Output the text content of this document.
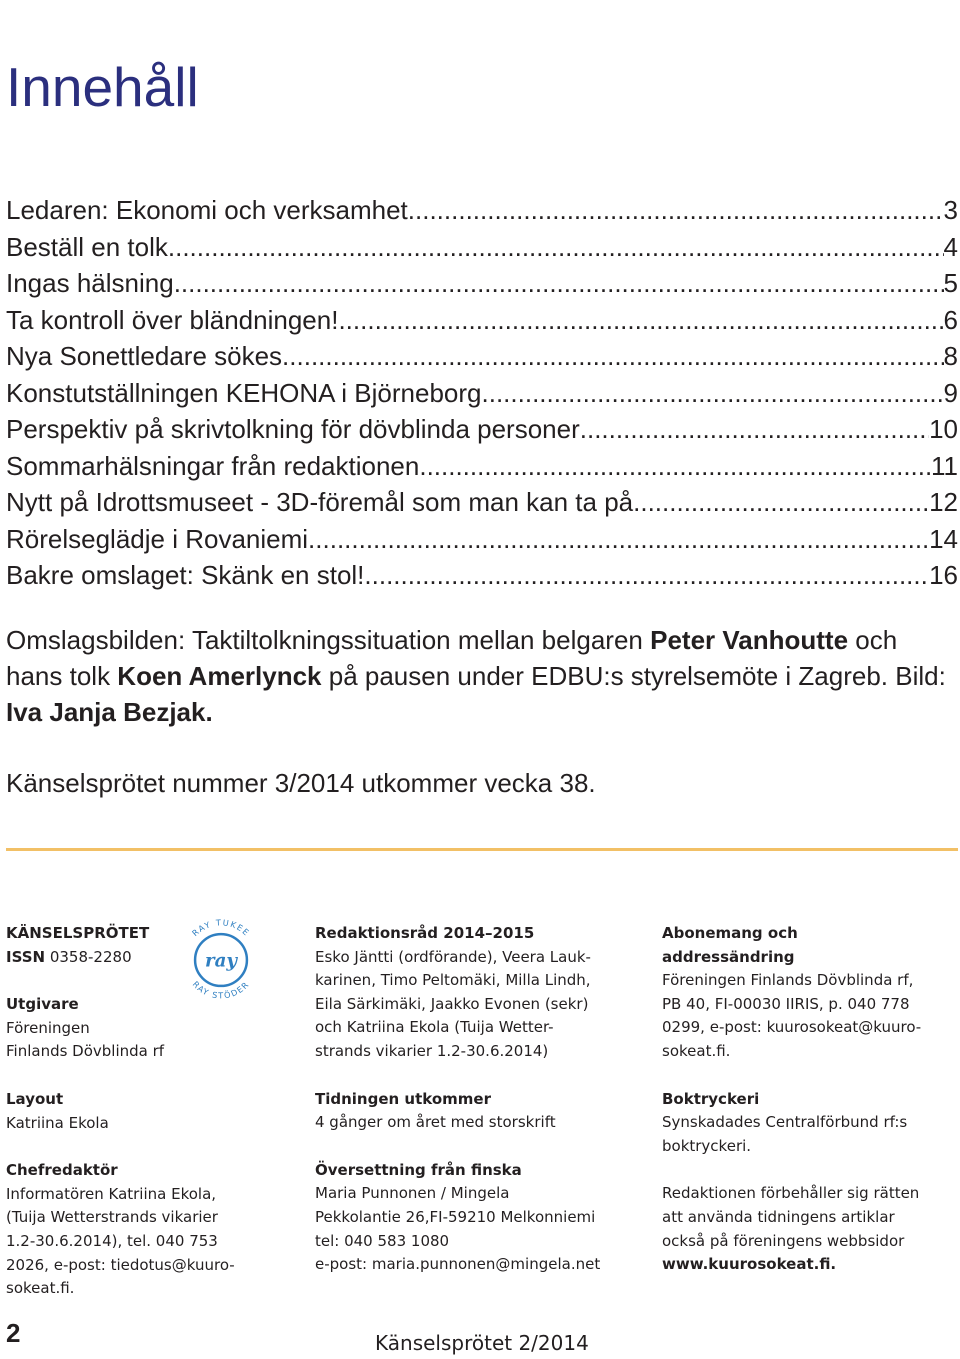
Innehåll
Ledaren: Ekonomi och verksamhet .....	3
Beställ en tolk .....	4
Ingas hälsning .....	5
Ta kontroll över bländningen! .....	6
Nya Sonettledare sökes .....	8
Konstutställningen KEHONA i Björneborg .....	9
Perspektiv på skrivtolkning för dövblinda personer .....	10
Sommarhälsningar från redaktionen .....	11
Nytt på Idrottsmuseet - 3D-föremål som man kan ta på .....	12
Rörelseglädje i Rovaniemi .....	14
Bakre omslaget: Skänk en stol! .....	16

Omslagsbilden: Taktiltolkningssituation mellan belgaren Peter Vanhoutte och hans tolk Koen Amerlynck på pausen under EDBU:s styrelsemöte i Zagreb. Bild: Iva Janja Bezjak.

Känselsprötet nummer 3/2014 utkommer vecka 38.

KÄNSELSPRÖTET
ISSN 0358-2280
Utgivare
Föreningen
Finlands Dövblinda rf
Layout
Katriina Ekola
Chefredaktör
Informatören Katriina Ekola,
(Tuija Wetterstrands vikarier
1.2-30.6.2014), tel. 040 753
2026, e-post: tiedotus@kuuro-
sokeat.fi.
RAY TUKEE
RAY STÖDER
ray
Redaktionsråd 2014–2015
Esko Jäntti (ordförande), Veera Lauk-
karinen, Timo Peltomäki, Milla Lindh,
Eila Särkimäki, Jaakko Evonen (sekr)
och Katriina Ekola (Tuija Wetter-
strands vikarier 1.2-30.6.2014)
Tidningen utkommer
4 gånger om året med storskrift
Översettning från finska
Maria Punnonen / Mingela
Pekkolantie 26,FI-59210 Melkonniemi
tel: 040 583 1080
e-post: maria.punnonen@mingela.net
Abonemang och
addressändring
Föreningen Finlands Dövblinda rf,
PB 40, FI-00030 IIRIS, p. 040 778
0299, e-post: kuurosokeat@kuuro-
sokeat.fi.
Boktryckeri
Synskadades Centralförbund rf:s
boktryckeri.
Redaktionen förbehåller sig rätten
att använda tidningens artiklar
också på föreningens webbsidor
www.kuurosokeat.fi.
2	Känselsprötet 2/2014
